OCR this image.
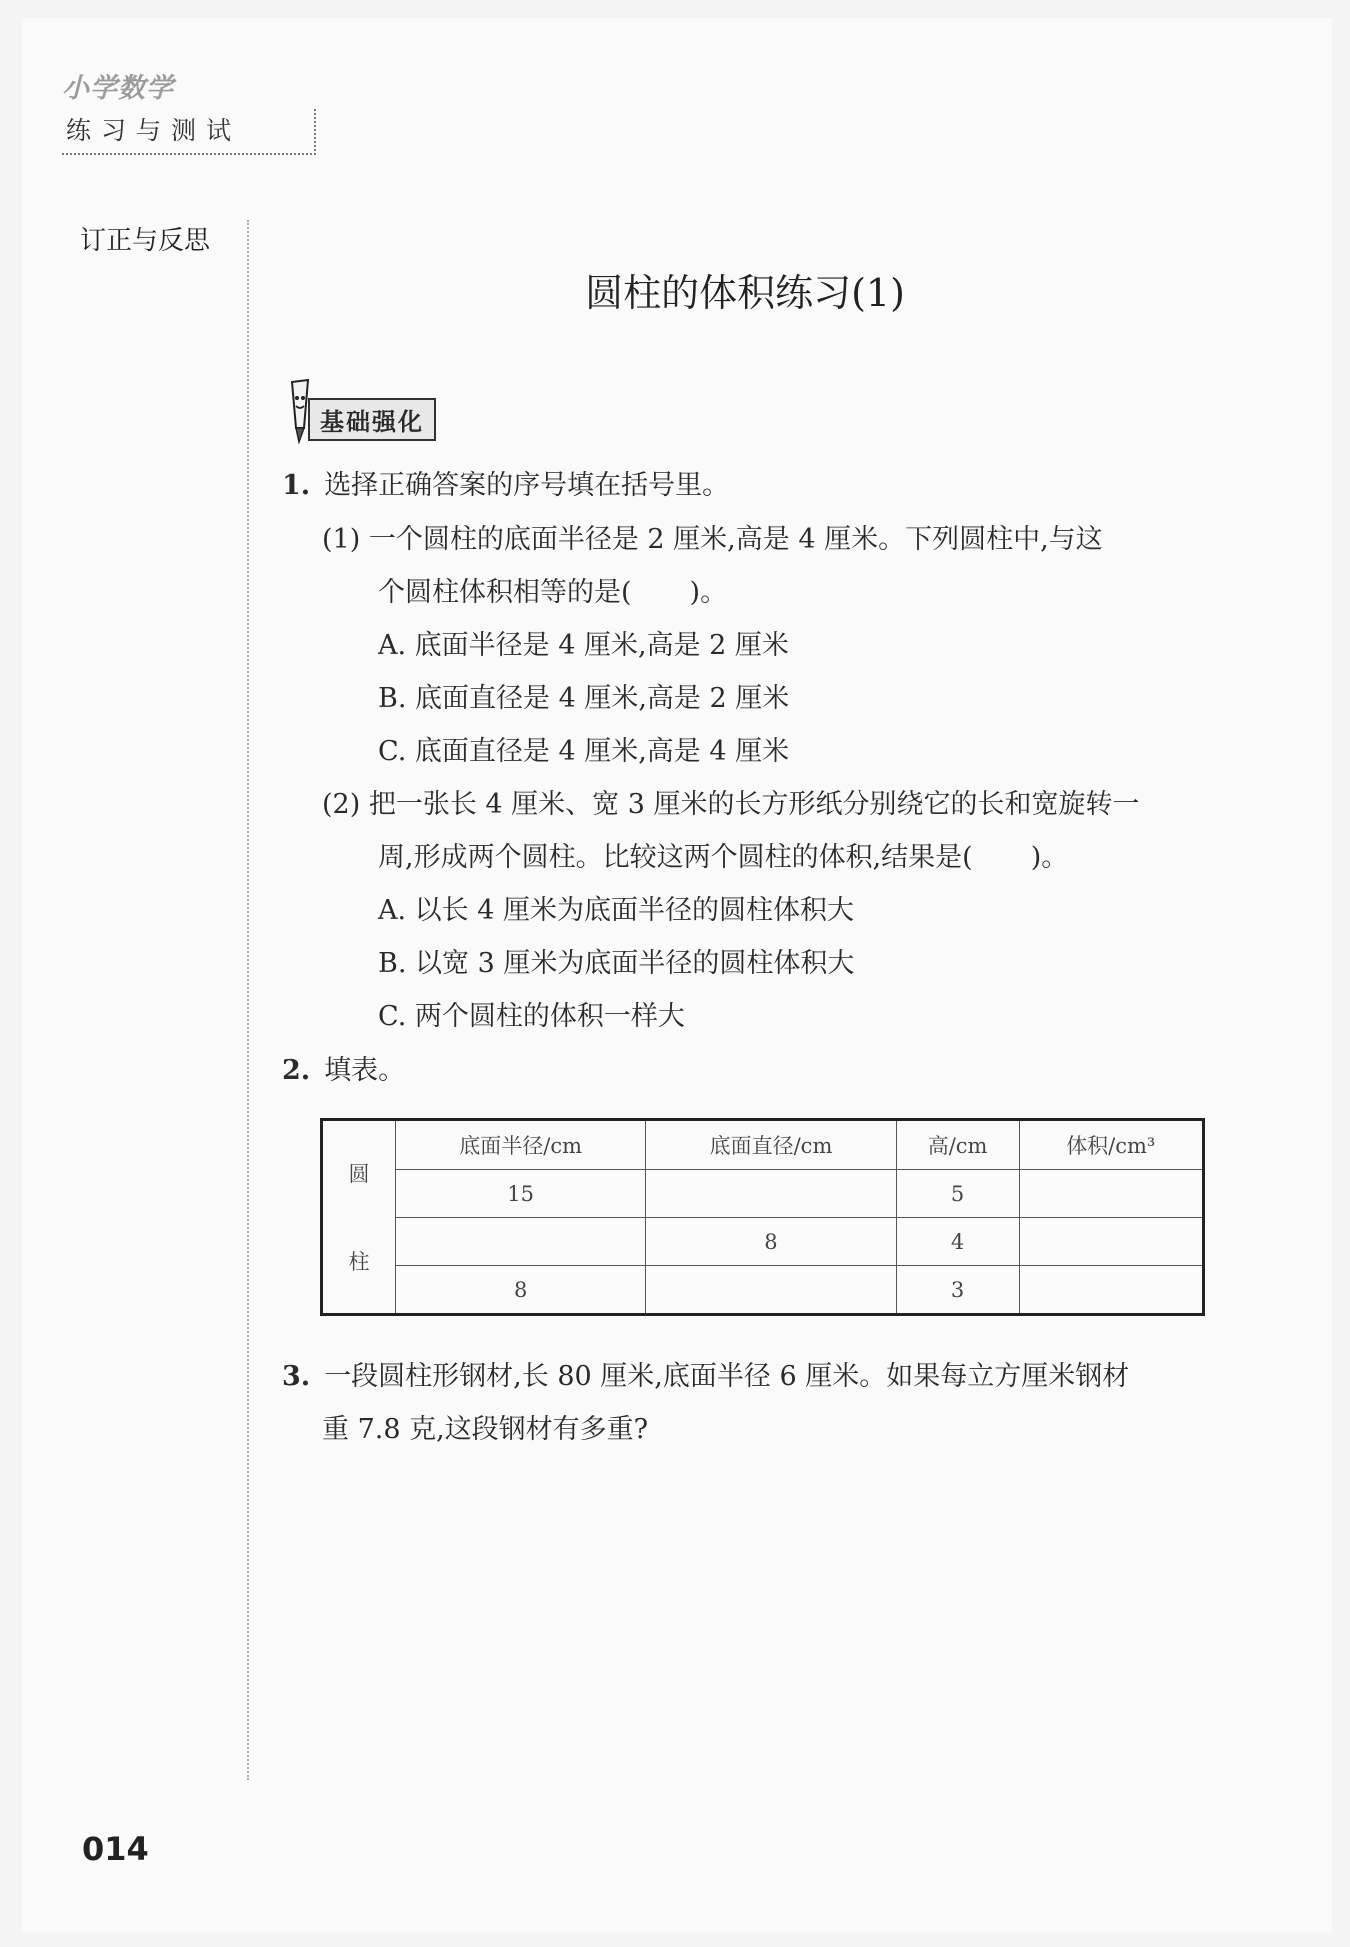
小学数学
练习与测试
订正与反思
圆柱的体积练习(1)
基础强化
1. 选择正确答案的序号填在括号里。
(1) 一个圆柱的底面半径是 2 厘米,高是 4 厘米。下列圆柱中,与这
个圆柱体积相等的是( )。
A. 底面半径是 4 厘米,高是 2 厘米
B. 底面直径是 4 厘米,高是 2 厘米
C. 底面直径是 4 厘米,高是 4 厘米
(2) 把一张长 4 厘米、宽 3 厘米的长方形纸分别绕它的长和宽旋转一
周,形成两个圆柱。比较这两个圆柱的体积,结果是( )。
A. 以长 4 厘米为底面半径的圆柱体积大
B. 以宽 3 厘米为底面半径的圆柱体积大
C. 两个圆柱的体积一样大
2. 填表。
圆
柱	底面半径/cm	底面直径/cm	高/cm	体积/cm³
	15		5	
		8	4	
	8		3	
3. 一段圆柱形钢材,长 80 厘米,底面半径 6 厘米。如果每立方厘米钢材
重 7.8 克,这段钢材有多重?
014
